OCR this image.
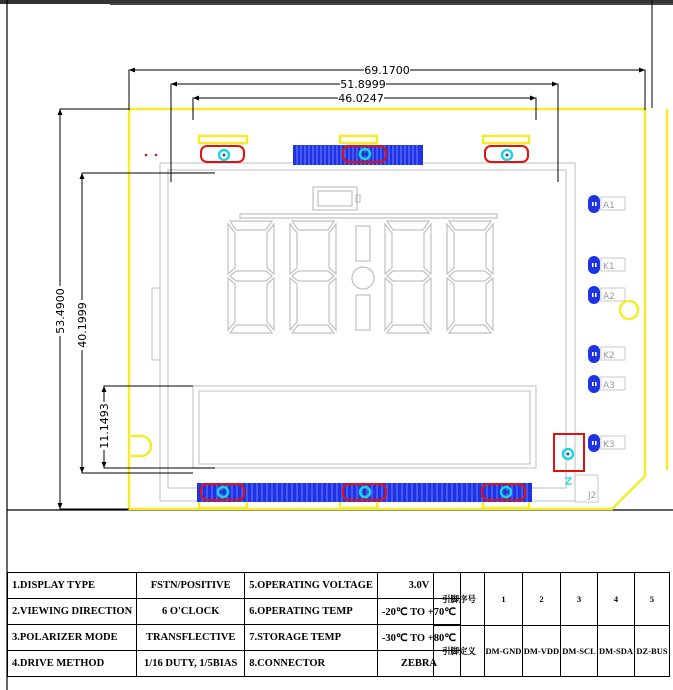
A1
K1
A2
K2
A3
K3
J2
69.1700
51.8999
46.0247
53.4900 40.1999
11.1493
1.DISPLAY TYPE	FSTN/POSITIVE	5.OPERATING VOLTAGE	3.0V
2.VIEWING DIRECTION	6 O'CLOCK	6.OPERATING TEMP	-20℃ TO +70℃
3.POLARIZER MODE	TRANSFLECTIVE	7.STORAGE TEMP	-30℃ TO +80℃
4.DRIVE METHOD	1/16 DUTY, 1/5BIAS	8.CONNECTOR	ZEBRA
引脚序号	1	2	3	4	5
引脚定义	DM-GND	DM-VDD	DM-SCL	DM-SDA	DZ-BUS
